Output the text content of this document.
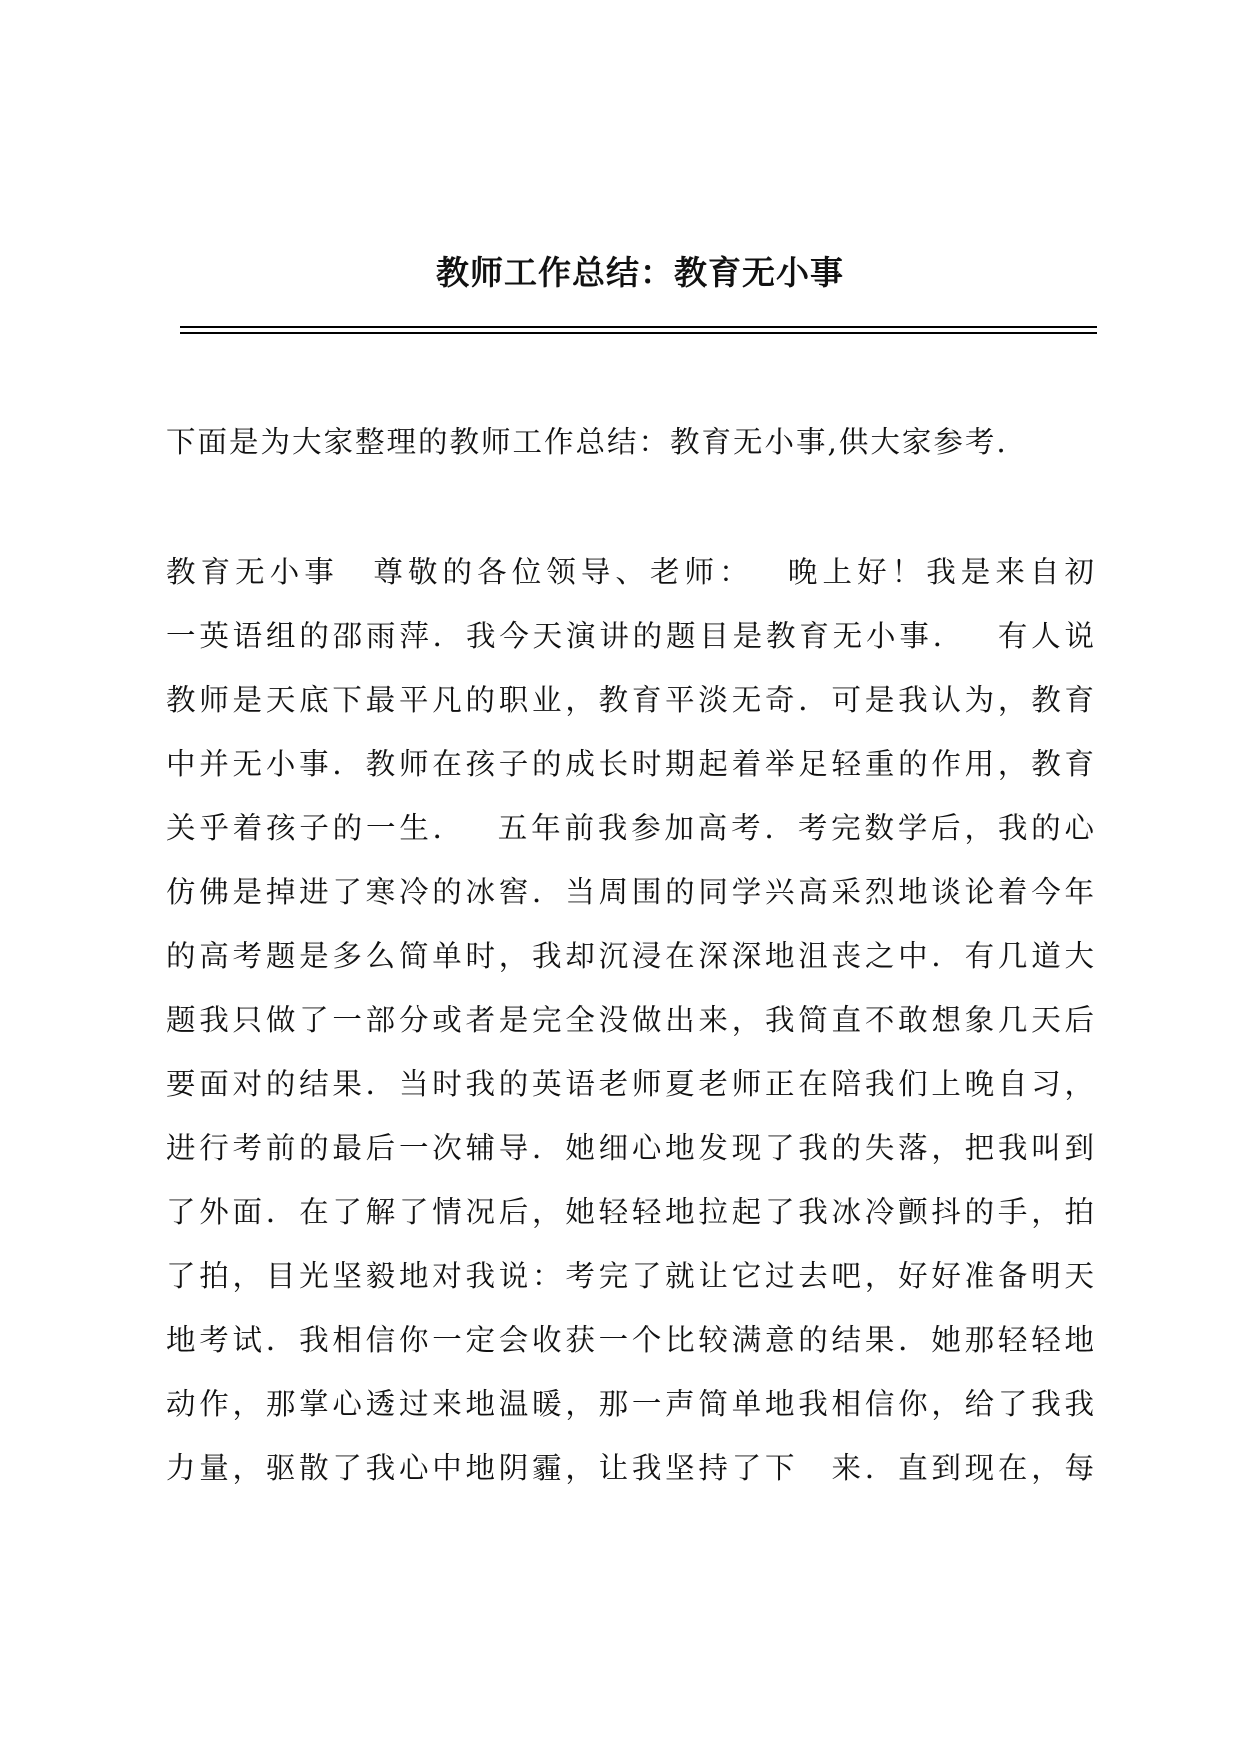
教师工作总结：教育无小事

下面是为大家整理的教师工作总结：教育无小事,供大家参考.

教育无小事　尊敬的各位领导、老师：　 晚上好！我是来自初
一英语组的邵雨萍．我今天演讲的题目是教育无小事．　 有人说
教师是天底下最平凡的职业，教育平淡无奇．可是我认为，教育
中并无小事．教师在孩子的成长时期起着举足轻重的作用，教育
关乎着孩子的一生．　 五年前我参加高考．考完数学后，我的心
仿佛是掉进了寒冷的冰窖．当周围的同学兴高采烈地谈论着今年
的高考题是多么简单时，我却沉浸在深深地沮丧之中．有几道大
题我只做了一部分或者是完全没做出来，我简直不敢想象几天后
要面对的结果．当时我的英语老师夏老师正在陪我们上晚自习，
进行考前的最后一次辅导．她细心地发现了我的失落，把我叫到
了外面．在了解了情况后，她轻轻地拉起了我冰冷颤抖的手，拍
了拍，目光坚毅地对我说：考完了就让它过去吧，好好准备明天
地考试．我相信你一定会收获一个比较满意的结果．她那轻轻地
动作，那掌心透过来地温暖，那一声简单地我相信你，给了我我
力量，驱散了我心中地阴霾，让我坚持了下　来．直到现在，每
